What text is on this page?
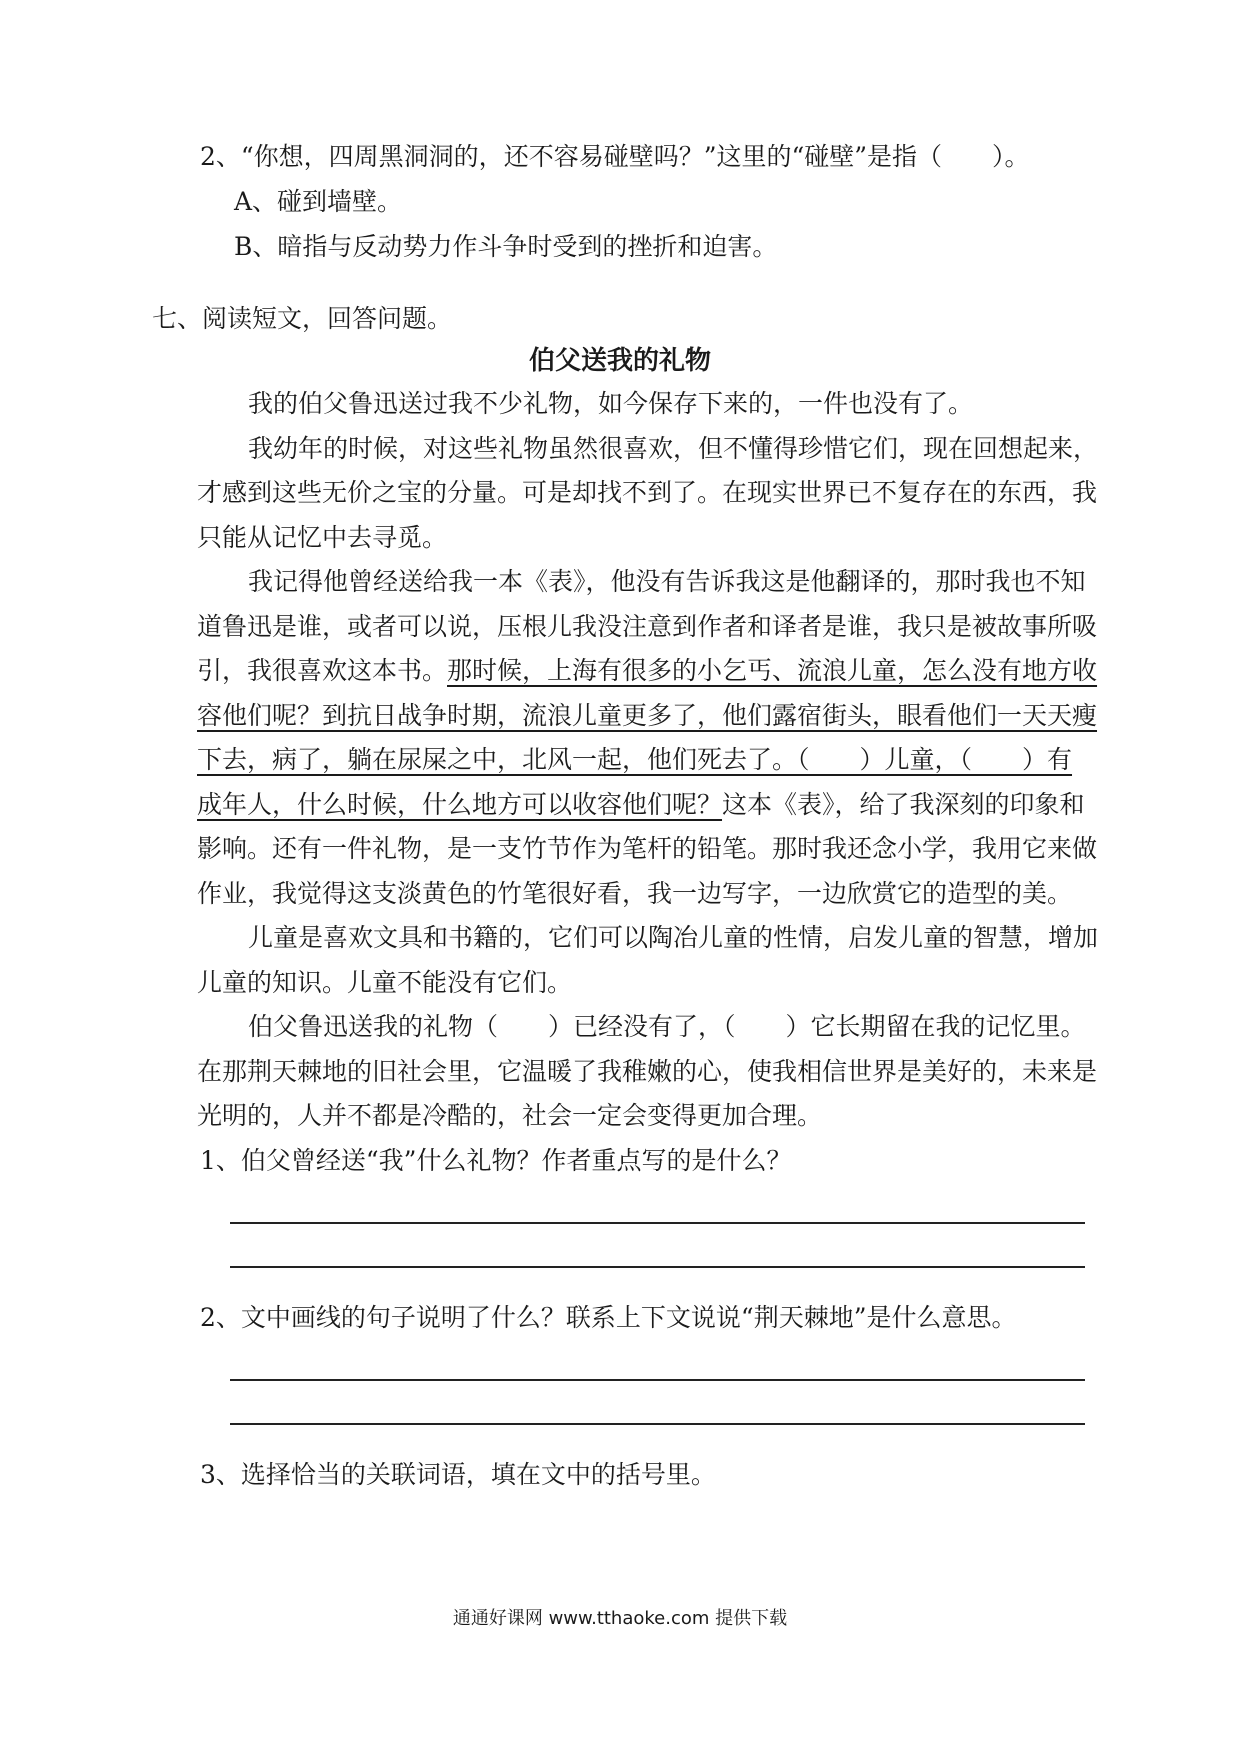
2、“你想，四周黑洞洞的，还不容易碰壁吗？”这里的“碰壁”是指（　　）。
A、碰到墙壁。
B、暗指与反动势力作斗争时受到的挫折和迫害。
七、阅读短文，回答问题。
伯父送我的礼物
我的伯父鲁迅送过我不少礼物，如今保存下来的，一件也没有了。
我幼年的时候，对这些礼物虽然很喜欢，但不懂得珍惜它们，现在回想起来，
才感到这些无价之宝的分量。可是却找不到了。在现实世界已不复存在的东西，我
只能从记忆中去寻觅。
我记得他曾经送给我一本《表》，他没有告诉我这是他翻译的，那时我也不知
道鲁迅是谁，或者可以说，压根儿我没注意到作者和译者是谁，我只是被故事所吸
引，我很喜欢这本书。那时候，上海有很多的小乞丐、流浪儿童，怎么没有地方收
容他们呢？到抗日战争时期，流浪儿童更多了，他们露宿街头，眼看他们一天天瘦
下去，病了，躺在尿屎之中，北风一起，他们死去了。（　　）儿童，（　　）有
成年人，什么时候，什么地方可以收容他们呢？这本《表》，给了我深刻的印象和
影响。还有一件礼物，是一支竹节作为笔杆的铅笔。那时我还念小学，我用它来做
作业，我觉得这支淡黄色的竹笔很好看，我一边写字，一边欣赏它的造型的美。
儿童是喜欢文具和书籍的，它们可以陶冶儿童的性情，启发儿童的智慧，增加
儿童的知识。儿童不能没有它们。
伯父鲁迅送我的礼物（　　）已经没有了，（　　）它长期留在我的记忆里。
在那荆天棘地的旧社会里，它温暖了我稚嫩的心，使我相信世界是美好的，未来是
光明的，人并不都是冷酷的，社会一定会变得更加合理。
1、伯父曾经送“我”什么礼物？作者重点写的是什么？
2、文中画线的句子说明了什么？联系上下文说说“荆天棘地”是什么意思。
3、选择恰当的关联词语，填在文中的括号里。
通通好课网 www.tthaoke.com 提供下载
